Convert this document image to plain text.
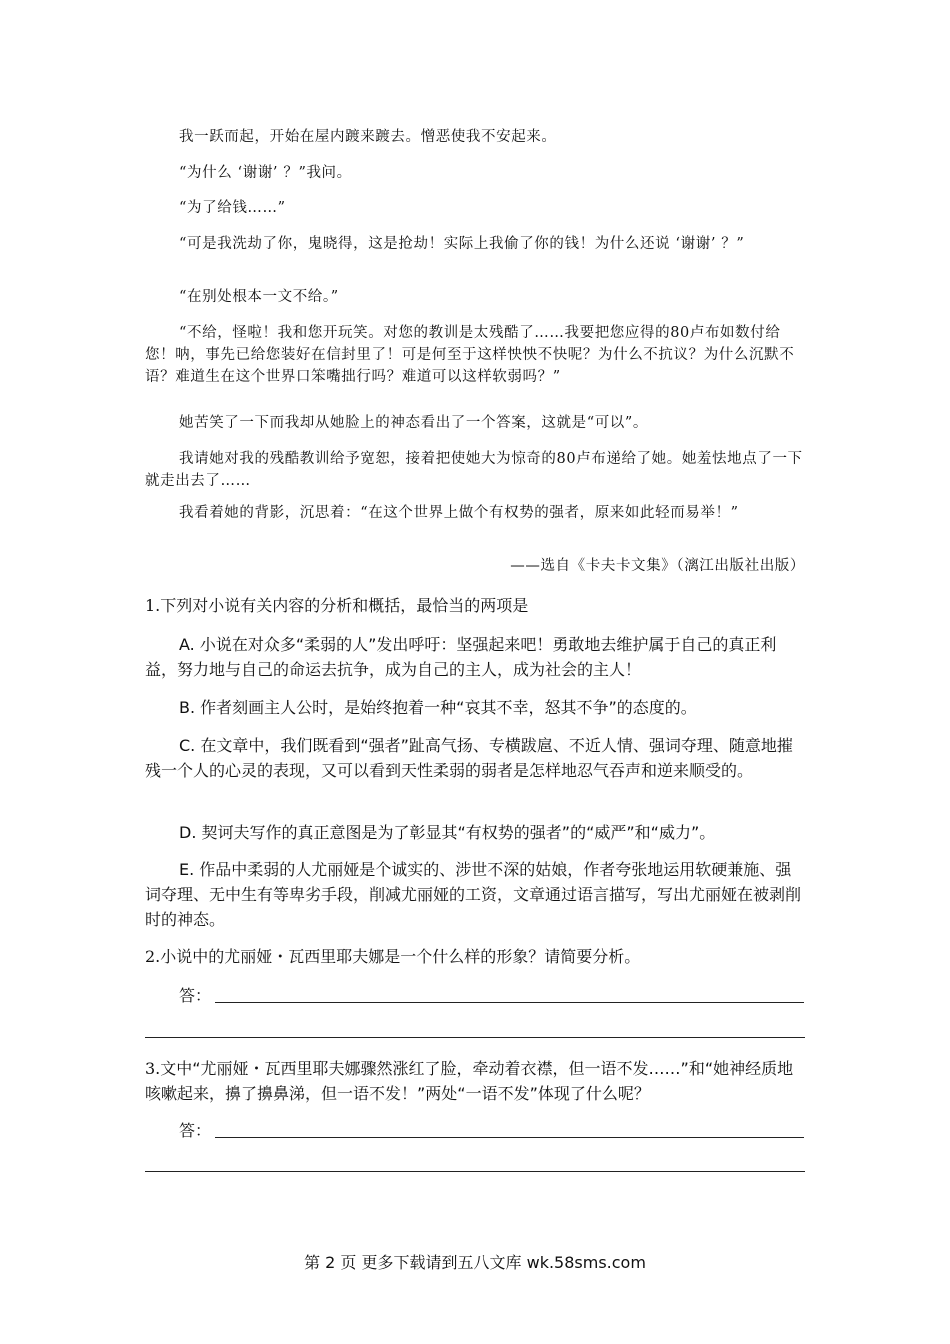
我一跃而起，开始在屋内踱来踱去。憎恶使我不安起来。

“为什么 ‘谢谢’ ？”我问。

“为了给钱……”

“可是我洗劫了你，鬼晓得，这是抢劫！实际上我偷了你的钱！为什么还说 ‘谢谢’ ？”

“在别处根本一文不给。”

“不给，怪啦！我和您开玩笑。对您的教训是太残酷了……我要把您应得的80卢布如数付给您！呐，事先已给您装好在信封里了！可是何至于这样怏怏不快呢？为什么不抗议？为什么沉默不语？难道生在这个世界口笨嘴拙行吗？难道可以这样软弱吗？”

她苦笑了一下而我却从她脸上的神态看出了一个答案，这就是“可以”。

我请她对我的残酷教训给予宽恕，接着把使她大为惊奇的80卢布递给了她。她羞怯地点了一下就走出去了……

我看着她的背影，沉思着：“在这个世界上做个有权势的强者，原来如此轻而易举！”

——选自《卡夫卡文集》（漓江出版社出版）

1.下列对小说有关内容的分析和概括，最恰当的两项是

A. 小说在对众多“柔弱的人”发出呼吁：坚强起来吧！勇敢地去维护属于自己的真正利益，努力地与自己的命运去抗争，成为自己的主人，成为社会的主人！

B. 作者刻画主人公时，是始终抱着一种“哀其不幸，怒其不争”的态度的。

C. 在文章中，我们既看到“强者”趾高气扬、专横跋扈、不近人情、强词夺理、随意地摧残一个人的心灵的表现，又可以看到天性柔弱的弱者是怎样地忍气吞声和逆来顺受的。

D. 契诃夫写作的真正意图是为了彰显其“有权势的强者”的“威严”和“威力”。

E. 作品中柔弱的人尤丽娅是个诚实的、涉世不深的姑娘，作者夸张地运用软硬兼施、强词夺理、无中生有等卑劣手段，削减尤丽娅的工资，文章通过语言描写，写出尤丽娅在被剥削时的神态。

2.小说中的尤丽娅・瓦西里耶夫娜是一个什么样的形象？请简要分析。

答：

3.文中“尤丽娅・瓦西里耶夫娜骤然涨红了脸，牵动着衣襟，但一语不发……”和“她神经质地咳嗽起来，擤了擤鼻涕，但一语不发！”两处“一语不发”体现了什么呢？

答：
第 2 页 更多下载请到五八文库 wk.58sms.com
